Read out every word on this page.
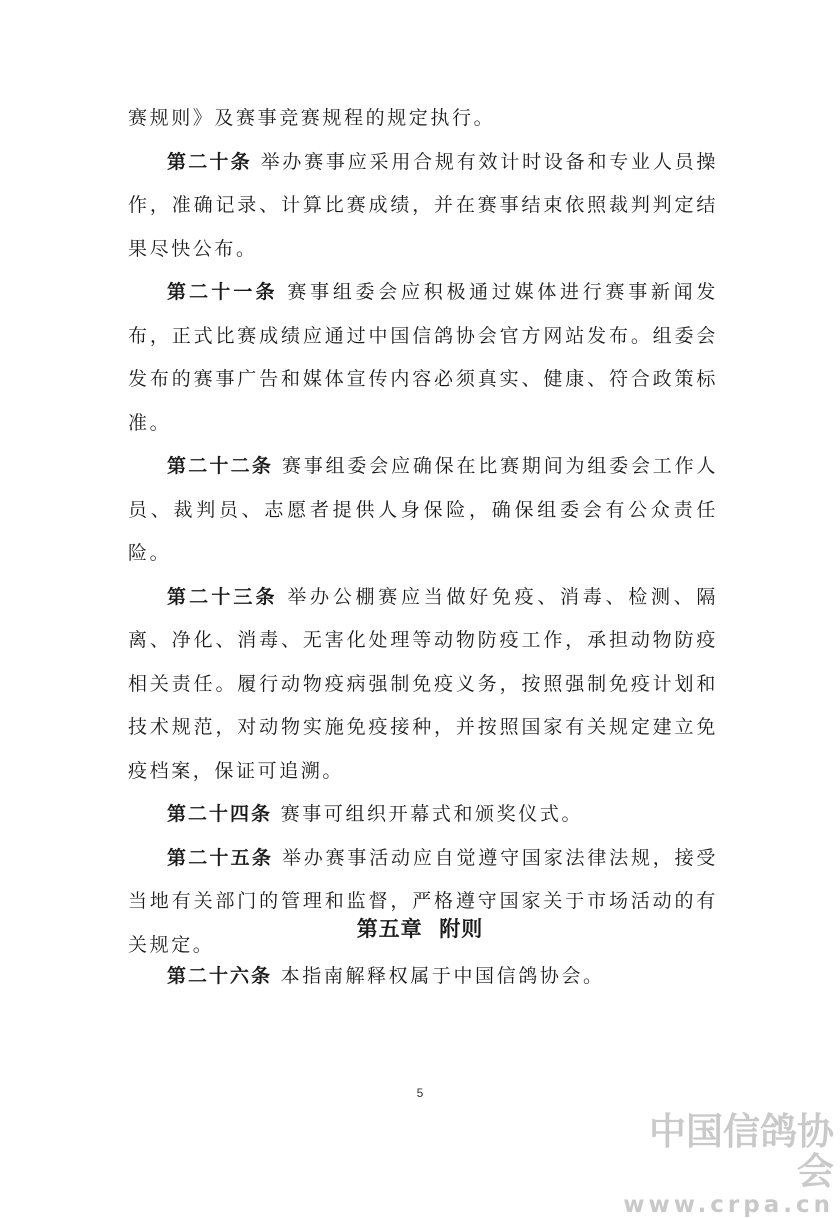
赛规则》及赛事竞赛规程的规定执行。

第二十条 举办赛事应采用合规有效计时设备和专业人员操作，准确记录、计算比赛成绩，并在赛事结束依照裁判判定结果尽快公布。

第二十一条 赛事组委会应积极通过媒体进行赛事新闻发布，正式比赛成绩应通过中国信鸽协会官方网站发布。组委会发布的赛事广告和媒体宣传内容必须真实、健康、符合政策标准。

第二十二条 赛事组委会应确保在比赛期间为组委会工作人员、裁判员、志愿者提供人身保险，确保组委会有公众责任险。

第二十三条 举办公棚赛应当做好免疫、消毒、检测、隔离、净化、消毒、无害化处理等动物防疫工作，承担动物防疫相关责任。履行动物疫病强制免疫义务，按照强制免疫计划和技术规范，对动物实施免疫接种，并按照国家有关规定建立免疫档案，保证可追溯。

第二十四条 赛事可组织开幕式和颁奖仪式。

第二十五条 举办赛事活动应自觉遵守国家法律法规，接受当地有关部门的管理和监督，严格遵守国家关于市场活动的有关规定。

第五章  附则

第二十六条 本指南解释权属于中国信鸽协会。

5
中国信鸽协会
www.crpa.cn
